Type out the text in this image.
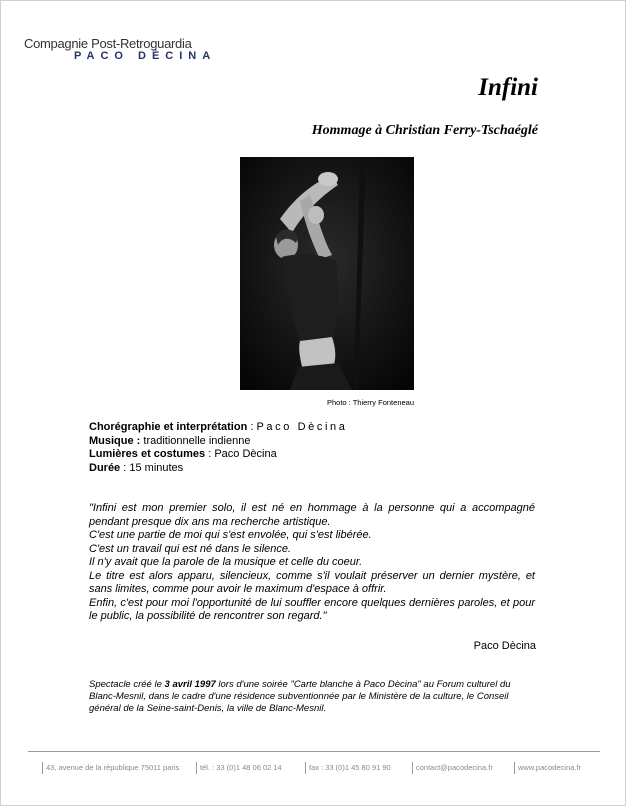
Compagnie Post-Retroguardia
PACO DÈCINA
Infini
Hommage à Christian Ferry-Tschaéglé
Photo : Thierry Fonteneau
Chorégraphie et interprétation : Paco Dècina
Musique : traditionnelle indienne
Lumières et costumes : Paco Dècina
Durée : 15 minutes

"Infini est mon premier solo, il est né en hommage à la personne qui a accompagné pendant presque dix ans ma recherche artistique.

C'est une partie de moi qui s'est envolée, qui s'est libérée.

C'est un travail qui est né dans le silence.

Il n'y avait que la parole de la musique et celle du coeur.

Le titre est alors apparu, silencieux, comme s'il voulait préserver un dernier mystère, et sans limites, comme pour avoir le maximum d'espace à offrir.

Enfin, c'est pour moi l'opportunité de lui souffler encore quelques dernières paroles, et pour le public, la possibilité de rencontrer son regard."

Paco Dècina
Spectacle créé le 3 avril 1997 lors d'une soirée "Carte blanche à Paco Dècina" au Forum culturel du Blanc-Mesnil, dans le cadre d'une résidence subventionnée par le Ministère de la culture, le Conseil général de la Seine-saint-Denis, la ville de Blanc-Mesnil.
43, avenue de la république 75011 paris	tél. : 33 (0)1 48 06 02 14	fax : 33 (0)1 45 80 91 90	contact@pacodecina.fr	www.pacodecina.fr
